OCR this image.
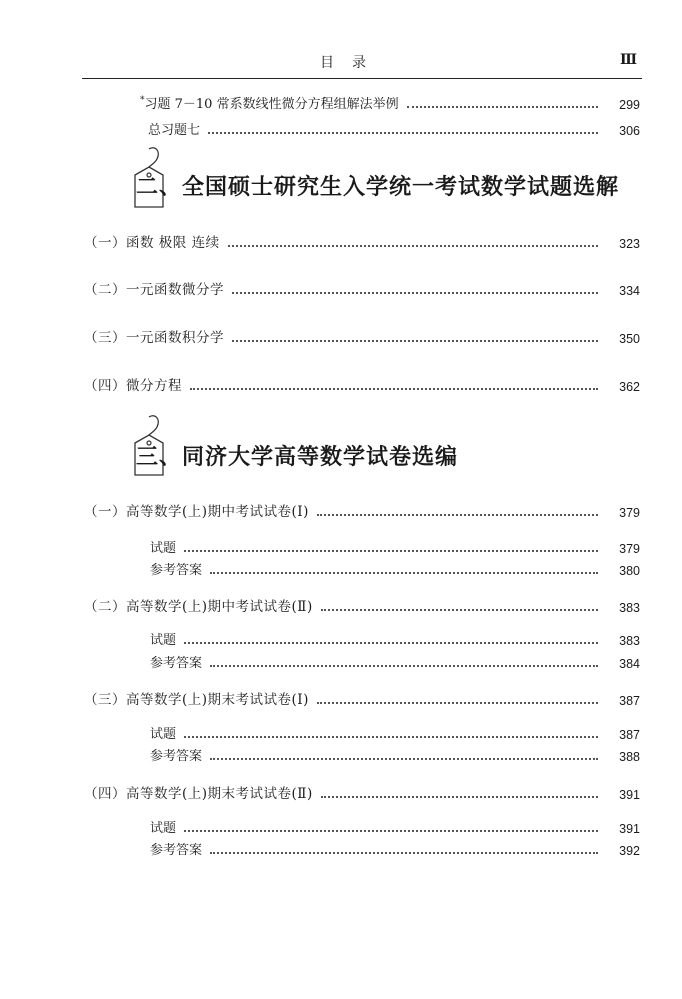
目录	Ⅲ
*习题 7－10 常系数线性微分方程组解法举例	299
总习题七	306
二、全国硕士研究生入学统一考试数学试题选解
（一）函数 极限 连续	323
（二）一元函数微分学	334
（三）一元函数积分学	350
（四）微分方程	362
三、同济大学高等数学试卷选编
（一）高等数学(上)期中考试试卷(Ⅰ)	379
试题	379
参考答案	380
（二）高等数学(上)期中考试试卷(Ⅱ)	383
试题	383
参考答案	384
（三）高等数学(上)期末考试试卷(Ⅰ)	387
试题	387
参考答案	388
（四）高等数学(上)期末考试试卷(Ⅱ)	391
试题	391
参考答案	392
